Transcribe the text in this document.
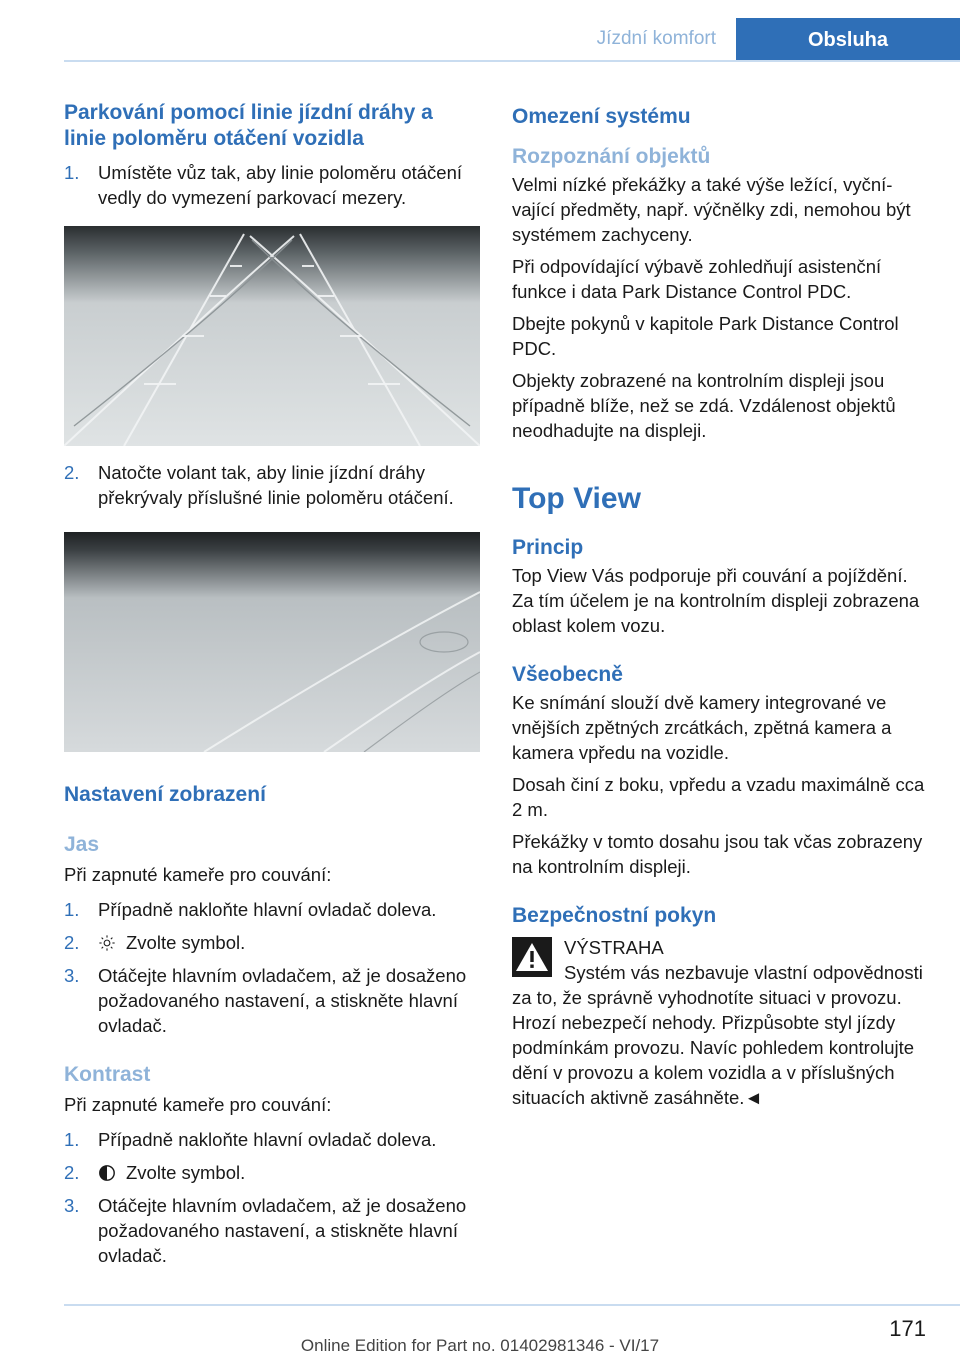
Jízdní komfort	Obsluha
Parkování pomocí linie jízdní dráhy a linie poloměru otáčení vozidla
1. Umístěte vůz tak, aby linie poloměru otáčení vedly do vymezení parkovací mezery.
2. Natočte volant tak, aby linie jízdní dráhy překrývaly příslušné linie poloměru otáčení.
Nastavení zobrazení
Jas

Při zapnuté kameře pro couvání:

1. Případně nakloňte hlavní ovladač doleva.
2.	Zvolte symbol.
3. Otáčejte hlavním ovladačem, až je dosaženo požadovaného nastavení, a stiskněte hlavní ovladač.
Kontrast

Při zapnuté kameře pro couvání:

1. Případně nakloňte hlavní ovladač doleva.
2.	Zvolte symbol.
3. Otáčejte hlavním ovladačem, až je dosaženo požadovaného nastavení, a stiskněte hlavní ovladač.
Omezení systému
Rozpoznání objektů

Velmi nízké překážky a také výše ležící, vyčnívající předměty, např. výčnělky zdi, nemohou být systémem zachyceny.

Při odpovídající výbavě zohledňují asistenční funkce i data Park Distance Control PDC.

Dbejte pokynů v kapitole Park Distance Control PDC.

Objekty zobrazené na kontrolním displeji jsou případně blíže, než se zdá. Vzdálenost objektů neodhadujte na displeji.

Top View
Princip

Top View Vás podporuje při couvání a pojíždění. Za tím účelem je na kontrolním displeji zobrazena oblast kolem vozu.

Všeobecně

Ke snímání slouží dvě kamery integrované ve vnějších zpětných zrcátkách, zpětná kamera a kamera vpředu na vozidle.

Dosah činí z boku, vpředu a vzadu maximálně cca 2 m.

Překážky v tomto dosahu jsou tak včas zobrazeny na kontrolním displeji.

Bezpečnostní pokyn

VÝSTRAHA

Systém vás nezbavuje vlastní odpovědnosti za to, že správně vyhodnotíte situaci v provozu. Hrozí nebezpečí nehody. Přizpůsobte styl jízdy podmínkám provozu. Navíc pohledem kontrolujte dění v provozu a kolem vozidla a v příslušných situacích aktivně zasáhněte.◄

171
Online Edition for Part no. 01402981346 - VI/17
